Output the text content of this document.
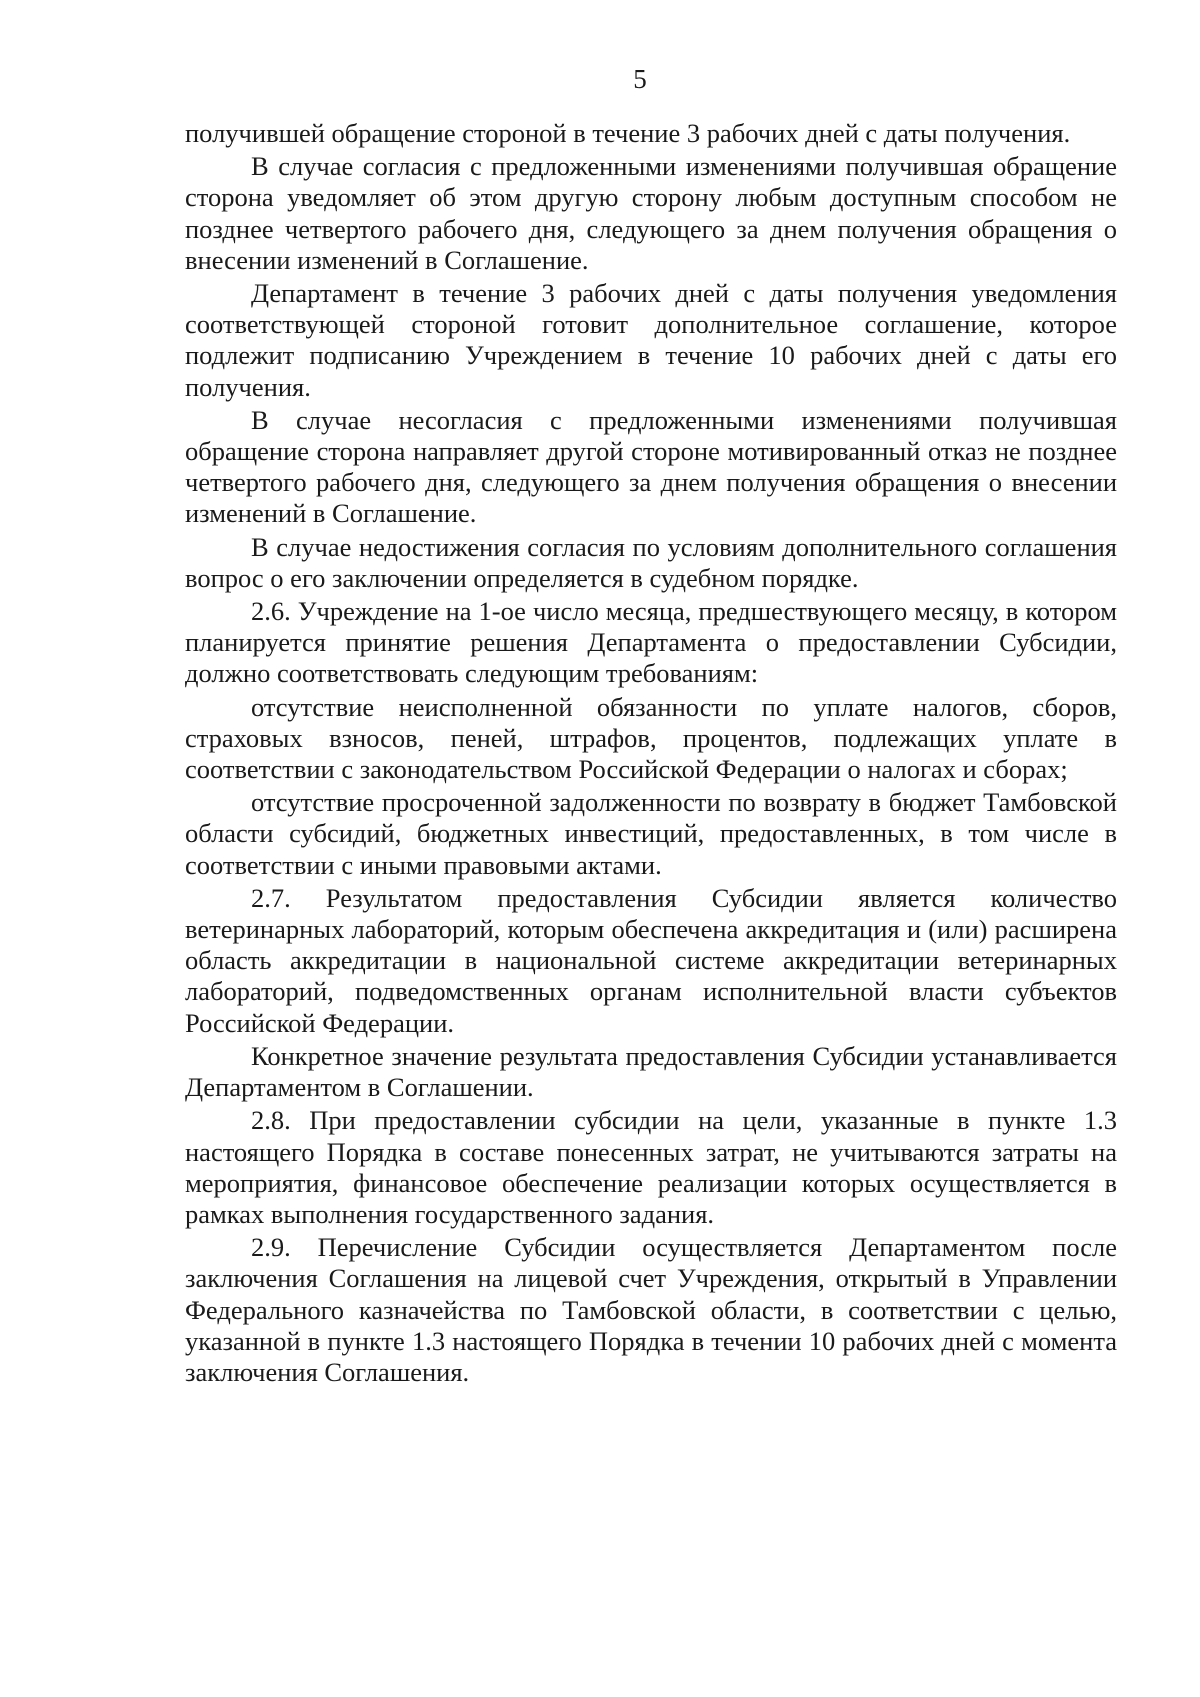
5

получившей обращение стороной в течение 3 рабочих дней с даты получения.

В случае согласия с предложенными изменениями получившая обращение сторона уведомляет об этом другую сторону любым доступным способом не позднее четвертого рабочего дня, следующего за днем получения обращения о внесении изменений в Соглашение.

Департамент в течение 3 рабочих дней с даты получения уведомления соответствующей стороной готовит дополнительное соглашение, которое подлежит подписанию Учреждением в течение 10 рабочих дней с даты его получения.

В случае несогласия с предложенными изменениями получившая обращение сторона направляет другой стороне мотивированный отказ не позднее четвертого рабочего дня, следующего за днем получения обращения о внесении изменений в Соглашение.

В случае недостижения согласия по условиям дополнительного соглашения вопрос о его заключении определяется в судебном порядке.

2.6. Учреждение на 1-ое число месяца, предшествующего месяцу, в котором планируется принятие решения Департамента о предоставлении Субсидии, должно соответствовать следующим требованиям:

отсутствие неисполненной обязанности по уплате налогов, сборов, страховых взносов, пеней, штрафов, процентов, подлежащих уплате в соответствии с законодательством Российской Федерации о налогах и сборах;

отсутствие просроченной задолженности по возврату в бюджет Тамбовской области субсидий, бюджетных инвестиций, предоставленных, в том числе в соответствии с иными правовыми актами.

2.7. Результатом предоставления Субсидии является количество ветеринарных лабораторий, которым обеспечена аккредитация и (или) расширена область аккредитации в национальной системе аккредитации ветеринарных лабораторий, подведомственных органам исполнительной власти субъектов Российской Федерации.

Конкретное значение результата предоставления Субсидии устанавливается Департаментом в Соглашении.

2.8. При предоставлении субсидии на цели, указанные в пункте 1.3 настоящего Порядка в составе понесенных затрат, не учитываются затраты на мероприятия, финансовое обеспечение реализации которых осуществляется в рамках выполнения государственного задания.

2.9. Перечисление Субсидии осуществляется Департаментом после заключения Соглашения на лицевой счет Учреждения, открытый в Управлении Федерального казначейства по Тамбовской области, в соответствии с целью, указанной в пункте 1.3 настоящего Порядка в течении 10 рабочих дней с момента заключения Соглашения.
